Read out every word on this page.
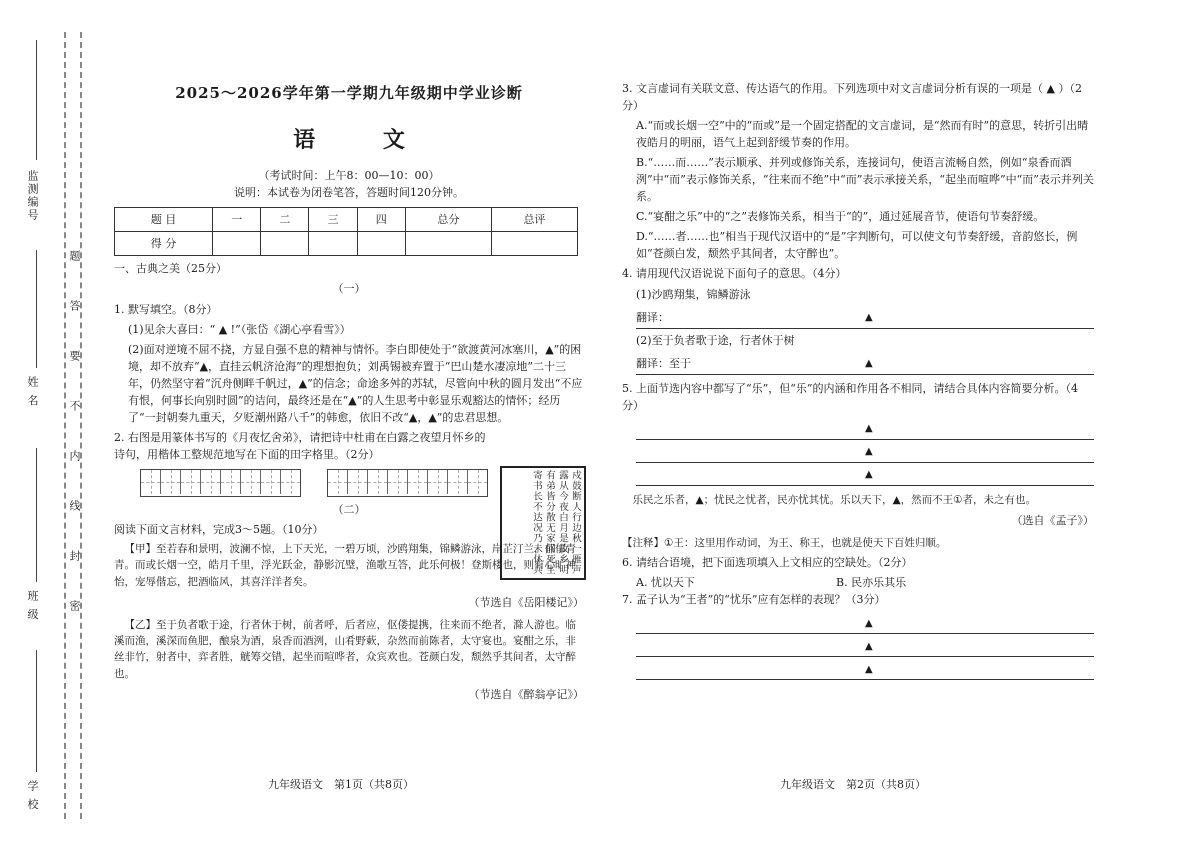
监测编号
姓 名
班 级
学 校
题
答
要
不
内
线
封
密
2025～2026学年第一学期九年级期中学业诊断
语 文
（考试时间：上午8：00—10：00）
说明：本试卷为闭卷笔答，答题时间120分钟。
题 目	一	二	三	四	总分	总评
得 分						

一、古典之美（25分）

（一）

1. 默写填空。（8分）

(1)见余大喜曰：“ ▲ !”（张岱《湖心亭看雪》）

(2)面对逆境不屈不挠，方显自强不息的精神与情怀。李白即使处于“欲渡黄河冰塞川，▲”的困境，却不放弃“▲，直挂云帆济沧海”的理想抱负；刘禹锡被弃置于“巴山楚水凄凉地”二十三年，仍然坚守着“沉舟侧畔千帆过，▲”的信念；命途多舛的苏轼，尽管向中秋的圆月发出“不应有恨，何事长向别时圆”的诘问，最终还是在“▲”的人生思考中彰显乐观豁达的情怀；经历了“一封朝奏九重天，夕贬潮州路八千”的韩愈，依旧不改“▲，▲”的忠君思想。

2. 右图是用篆体书写的《月夜忆舍弟》，请把诗中杜甫在白露之夜望月怀乡的诗句，用楷体工整规范地写在下面的田字格里。（2分）

（二）

阅读下面文言材料，完成3～5题。（10分）

【甲】至若春和景明，波澜不惊，上下天光，一碧万顷，沙鸥翔集，锦鳞游泳，岸芷汀兰，郁郁青青。而或长烟一空，皓月千里，浮光跃金，静影沉璧，渔歌互答，此乐何极！登斯楼也，则有心旷神怡，宠辱偕忘，把酒临风，其喜洋洋者矣。

（节选自《岳阳楼记》）

【乙】至于负者歌于途，行者休于树，前者呼，后者应，伛偻提携，往来而不绝者，滁人游也。临溪而渔，溪深而鱼肥，酿泉为酒，泉香而酒洌，山肴野蔌，杂然而前陈者，太守宴也。宴酣之乐，非丝非竹，射者中，弈者胜，觥筹交错，起坐而喧哗者，众宾欢也。苍颜白发，颓然乎其间者，太守醉也。

（节选自《醉翁亭记》）

戍鼓断人行边秋一雁声露从今夜白月是故乡明有弟皆分散无家问死生寄书长不达况乃未休兵
九年级语文　第1页（共8页）

3. 文言虚词有关联文意、传达语气的作用。下列选项中对文言虚词分析有误的一项是（ ▲ ）（2分）

A.“而或长烟一空”中的“而或”是一个固定搭配的文言虚词，是“然而有时”的意思，转折引出晴夜皓月的明丽，语气上起到舒缓节奏的作用。

B.“……而……”表示顺承、并列或修饰关系，连接词句，使语言流畅自然，例如“泉香而酒洌”中“而”表示修饰关系，“往来而不绝”中“而”表示承接关系，“起坐而喧哗”中“而”表示并列关系。

C.“宴酣之乐”中的“之”表修饰关系，相当于“的”，通过延展音节，使语句节奏舒缓。

D.“……者……也”相当于现代汉语中的“是”字判断句，可以使文句节奏舒缓，音韵悠长，例如“苍颜白发，颓然乎其间者，太守醉也”。

4. 请用现代汉语说说下面句子的意思。（4分）

(1)沙鸥翔集，锦鳞游泳

翻译：	▲

(2)至于负者歌于途，行者休于树

翻译：至于	▲

5. 上面节选内容中都写了“乐”，但“乐”的内涵和作用各不相同，请结合具体内容简要分析。（4分）

▲
▲
▲

乐民之乐者，▲；忧民之忧者，民亦忧其忧。乐以天下，▲，然而不王①者，未之有也。

（选自《孟子》）

【注释】①王：这里用作动词，为王、称王，也就是使天下百姓归顺。

6. 请结合语境，把下面选项填入上文相应的空缺处。（2分）

A. 忧以天下	B. 民亦乐其乐

7. 孟子认为“王者”的“忧乐”应有怎样的表现？（3分）

▲
▲
▲
九年级语文　第2页（共8页）
